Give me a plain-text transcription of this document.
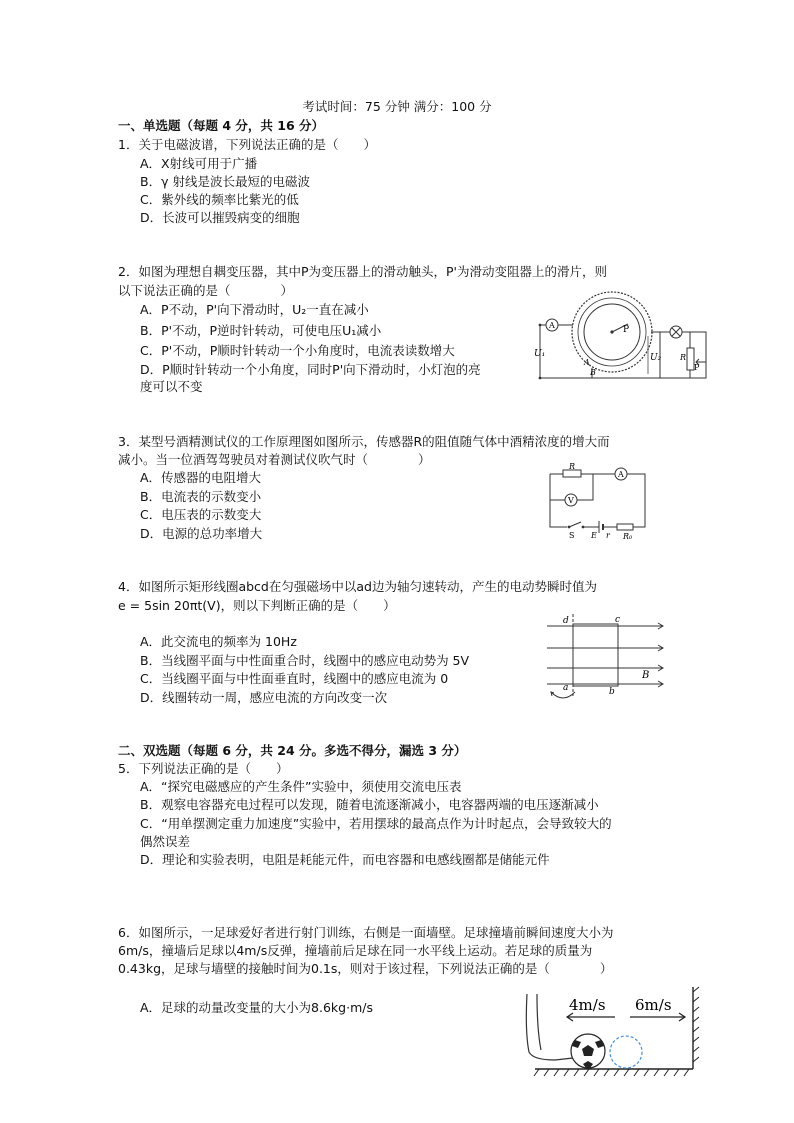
考试时间：75 分钟 满分：100 分
一、单选题（每题 4 分，共 16 分）
1．关于电磁波谱，下列说法正确的是（　　）
A．X射线可用于广播
B．γ 射线是波长最短的电磁波
C．紫外线的频率比紫光的低
D．长波可以摧毁病变的细胞
2．如图为理想自耦变压器，其中P为变压器上的滑动触头，P'为滑动变阻器上的滑片，则
以下说法正确的是（　　　　）
A．P不动，P'向下滑动时，U₂一直在减小
B．P'不动，P逆时针转动，可使电压U₁减小
C．P'不动，P顺时针转动一个小角度时，电流表读数增大
D．P顺时针转动一个小角度，同时P'向下滑动时，小灯泡的亮
度可以不变
P
A
U₁
A
B
R
P
U₂
3．某型号酒精测试仪的工作原理图如图所示，传感器R的阻值随气体中酒精浓度的增大而
减小。当一位酒驾驾驶员对着测试仪吹气时（　　　　）
A．传感器的电阻增大
B．电流表的示数变小
C．电压表的示数变大
D．电源的总功率增大
R
A
V
S E r R₀
4．如图所示矩形线圈abcd在匀强磁场中以ad边为轴匀速转动，产生的电动势瞬时值为
e = 5sin 20πt(V)，则以下判断正确的是（　　）
A．此交流电的频率为 10Hz
B．当线圈平面与中性面重合时，线圈中的感应电动势为 5V
C．当线圈平面与中性面垂直时，线圈中的感应电流为 0
D．线圈转动一周，感应电流的方向改变一次
d	c
a	b
B
二、双选题（每题 6 分，共 24 分。多选不得分，漏选 3 分）
5．下列说法正确的是（　　）
A．“探究电磁感应的产生条件”实验中，须使用交流电压表
B．观察电容器充电过程可以发现，随着电流逐渐减小，电容器两端的电压逐渐减小
C．“用单摆测定重力加速度”实验中，若用摆球的最高点作为计时起点，会导致较大的
偶然误差
D．理论和实验表明，电阻是耗能元件，而电容器和电感线圈都是储能元件
6．如图所示，一足球爱好者进行射门训练，右侧是一面墙壁。足球撞墙前瞬间速度大小为
6m/s，撞墙后足球以4m/s反弹，撞墙前后足球在同一水平线上运动。若足球的质量为
0.43kg，足球与墙壁的接触时间为0.1s，则对于该过程，下列说法正确的是（　　　　）
A．足球的动量改变量的大小为8.6kg·m/s	4m/s 6m/s
